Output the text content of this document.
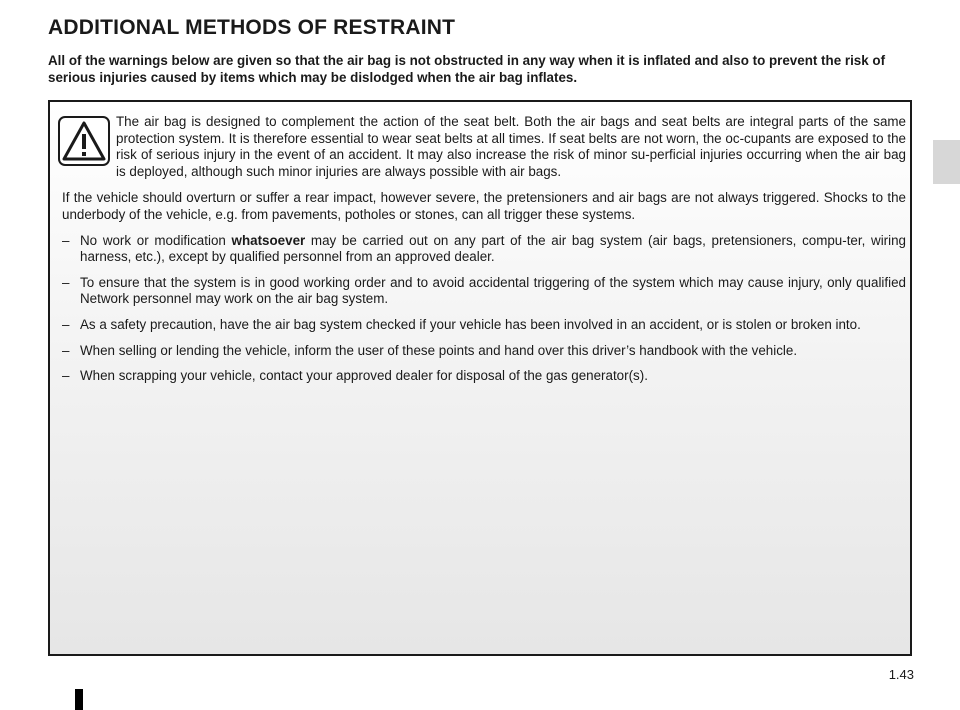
ADDITIONAL METHODS OF RESTRAINT
All of the warnings below are given so that the air bag is not obstructed in any way when it is inflated and also to prevent the risk of serious injuries caused by items which may be dislodged when the air bag inflates.

The air bag is designed to complement the action of the seat belt. Both the air bags and seat belts are integral parts of the same protection system. It is therefore essential to wear seat belts at all times. If seat belts are not worn, the oc-cupants are exposed to the risk of serious injury in the event of an accident. It may also increase the risk of minor su-perficial injuries occurring when the air bag is deployed, although such minor injuries are always possible with air bags.

If the vehicle should overturn or suffer a rear impact, however severe, the pretensioners and air bags are not always triggered. Shocks to the underbody of the vehicle, e.g. from pavements, potholes or stones, can all trigger these systems.

– No work or modification whatsoever may be carried out on any part of the air bag system (air bags, pretensioners, compu-ter, wiring harness, etc.), except by qualified personnel from an approved dealer.
– To ensure that the system is in good working order and to avoid accidental triggering of the system which may cause injury, only qualified Network personnel may work on the air bag system.
– As a safety precaution, have the air bag system checked if your vehicle has been involved in an accident, or is stolen or broken into.
– When selling or lending the vehicle, inform the user of these points and hand over this driver’s handbook with the vehicle.
– When scrapping your vehicle, contact your approved dealer for disposal of the gas generator(s).
1.43
